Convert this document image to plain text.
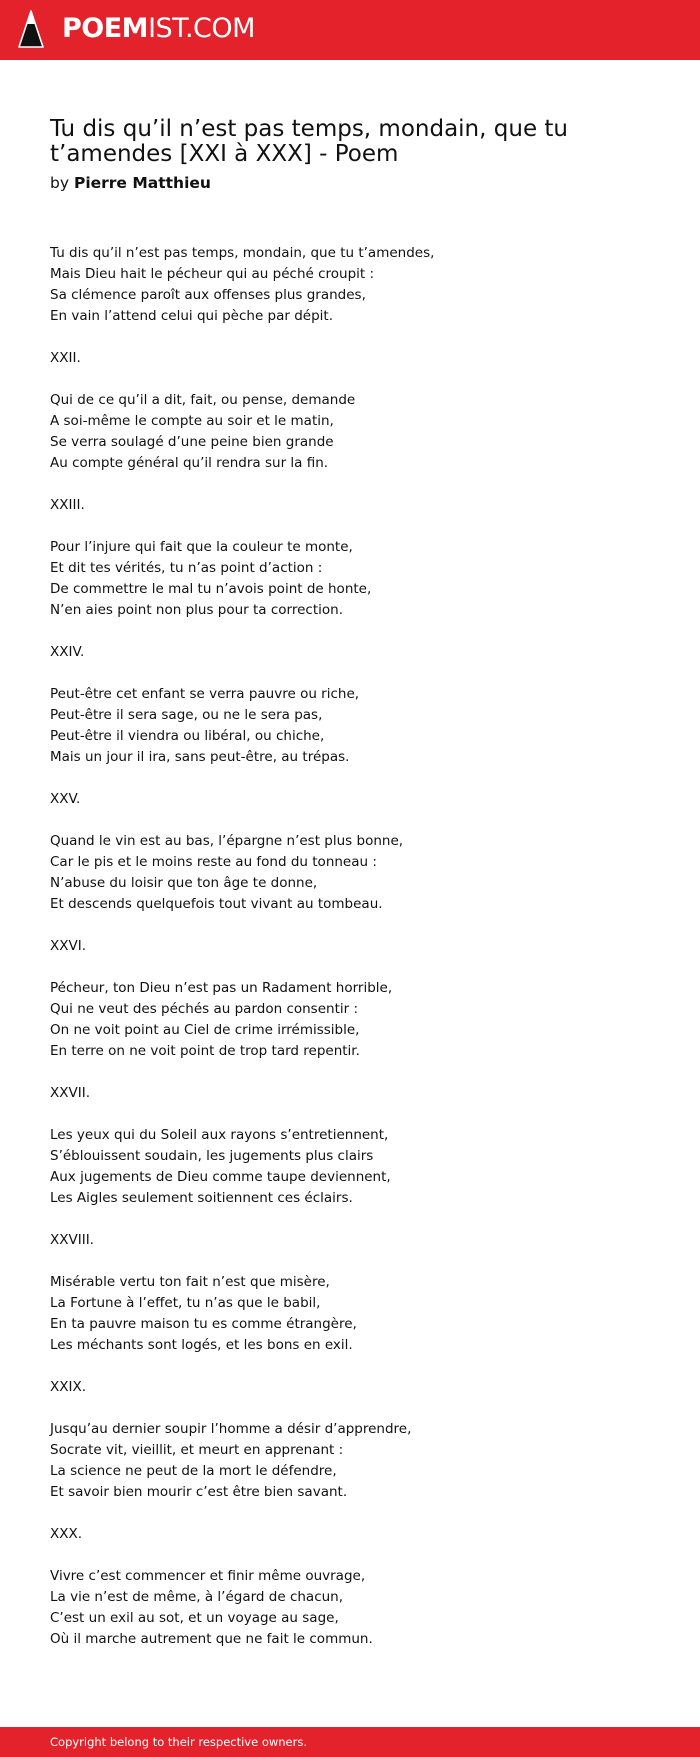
POEMIST.COM
Tu dis qu’il n’est pas temps, mondain, que tu t’amendes [XXI à XXX] - Poem

by Pierre Matthieu

Tu dis qu’il n’est pas temps, mondain, que tu t’amendes,
Mais Dieu hait le pécheur qui au péché croupit :
Sa clémence paroît aux offenses plus grandes,
En vain l’attend celui qui pèche par dépit.
XXII.
Qui de ce qu’il a dit, fait, ou pense, demande
A soi-même le compte au soir et le matin,
Se verra soulagé d’une peine bien grande
Au compte général qu’il rendra sur la fin.
XXIII.
Pour l’injure qui fait que la couleur te monte,
Et dit tes vérités, tu n’as point d’action :
De commettre le mal tu n’avois point de honte,
N’en aies point non plus pour ta correction.
XXIV.
Peut-être cet enfant se verra pauvre ou riche,
Peut-être il sera sage, ou ne le sera pas,
Peut-être il viendra ou libéral, ou chiche,
Mais un jour il ira, sans peut-être, au trépas.
XXV.
Quand le vin est au bas, l’épargne n’est plus bonne,
Car le pis et le moins reste au fond du tonneau :
N’abuse du loisir que ton âge te donne,
Et descends quelquefois tout vivant au tombeau.
XXVI.
Pécheur, ton Dieu n’est pas un Radament horrible,
Qui ne veut des péchés au pardon consentir :
On ne voit point au Ciel de crime irrémissible,
En terre on ne voit point de trop tard repentir.
XXVII.
Les yeux qui du Soleil aux rayons s’entretiennent,
S’éblouissent soudain, les jugements plus clairs
Aux jugements de Dieu comme taupe deviennent,
Les Aigles seulement soitiennent ces éclairs.
XXVIII.
Misérable vertu ton fait n’est que misère,
La Fortune à l’effet, tu n’as que le babil,
En ta pauvre maison tu es comme étrangère,
Les méchants sont logés, et les bons en exil.
XXIX.
Jusqu’au dernier soupir l’homme a désir d’apprendre,
Socrate vit, vieillit, et meurt en apprenant :
La science ne peut de la mort le défendre,
Et savoir bien mourir c’est être bien savant.
XXX.
Vivre c’est commencer et finir même ouvrage,
La vie n’est de même, à l’égard de chacun,
C’est un exil au sot, et un voyage au sage,
Où il marche autrement que ne fait le commun.
Copyright belong to their respective owners.
